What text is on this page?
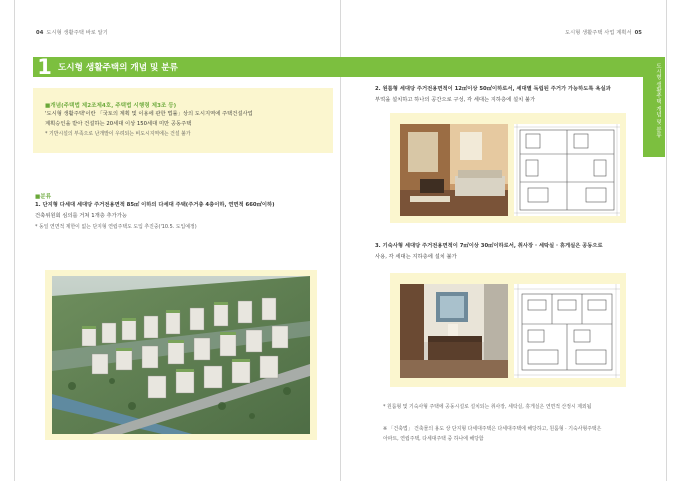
04 도시형 생활주택 바로 알기	도시형 생활주택 사업 계획서 05
1 도시형 생활주택의 개념 및 분류	도시형 생활주택 개념 및 분류
■개념(주택법 제2조제4호, 주택법 시행령 제3조 등)
'도시형 생활주택'이란 「국토의 계획 및 이용에 관한 법률」상의 도시지역에 주택건설사업
계획승인을 받아 건설하는 20세대 이상 150세대 미만 공동주택
* 기반시설의 부족으로 난개발이 우려되는 비도시지역에는 건설 불가
■분류
1. 단지형 다세대 세대당 주거전용면적 85㎡ 이하의 다세대 주택(주거층 4층이하, 연면적 660㎡이하)
건축위원회 심의를 거쳐 1개층 추가가능
* 동일 연면적 제한이 없는 단지형 연립주택도 도입 추진중('10.5. 도입예정)
2. 원룸형 세대당 주거전용면적이 12㎡이상 50㎡이하로서, 세대별 독립된 주거가 가능하도록 욕실과
부엌을 설치하고 하나의 공간으로 구성, 각 세대는 지하층에 설치 불가
3. 기숙사형 세대당 주거전용면적이 7㎡이상 30㎡이하로서, 취사장 · 세탁실 · 휴게실은 공동으로
사용, 각 세대는 지하층에 설치 불가
* 원룸형 및 기숙사형 주택에 공동시설로 설치되는 취사장, 세탁실, 휴게실은 연면적 산정시 제외됨
※ 「건축법」 건축물의 용도 상 단지형 다세대주택은 다세대주택에 해당하고, 원룸형 · 기숙사형주택은
아파트, 연립주택, 다세대주택 중 하나에 해당함
